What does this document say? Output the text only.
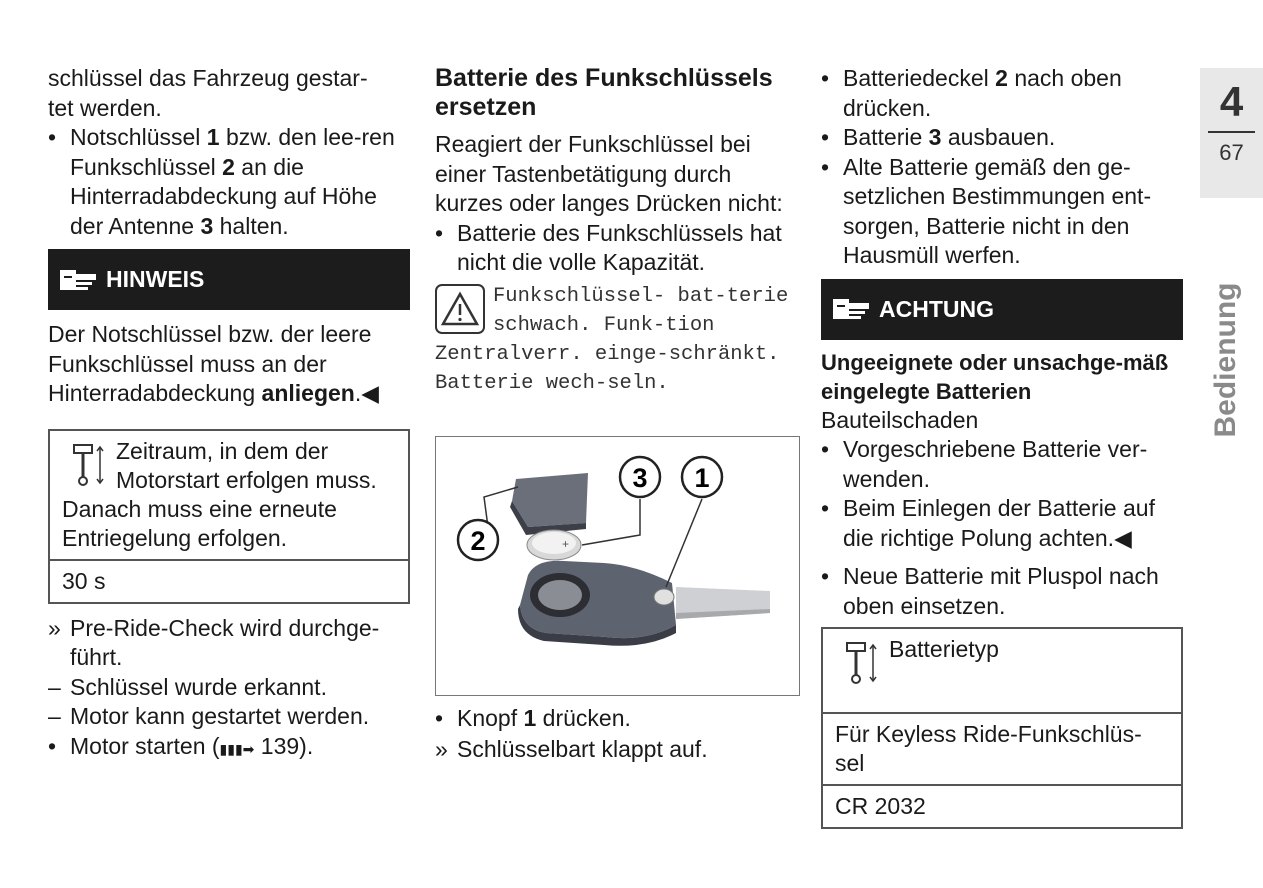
schlüssel das Fahrzeug gestar-
tet werden.
• Notschlüssel 1 bzw. den lee-ren Funkschlüssel 2 an die Hinterradabdeckung auf Höhe der Antenne 3 halten.
HINWEIS
Der Notschlüssel bzw. der leere Funkschlüssel muss an der Hinterradabdeckung anliegen.◀
Zeitraum, in dem der Motorstart erfolgen muss. Danach muss eine erneute Entriegelung erfolgen.
30 s
» Pre-Ride-Check wird durchge-führt.
– Schlüssel wurde erkannt.
– Motor kann gestartet werden.
• Motor starten (▮▮▮➡ 139).
Batterie des Funkschlüssels ersetzen
Reagiert der Funkschlüssel bei einer Tastenbetätigung durch kurzes oder langes Drücken nicht:
• Batterie des Funkschlüssels hat nicht die volle Kapazität.
Funkschlüssel- bat-terie schwach. Funk-tion Zentralverr. einge-schränkt. Batterie wech-seln.
+
2
3 1
• Knopf 1 drücken.
» Schlüsselbart klappt auf.
• Batteriedeckel 2 nach oben drücken.
• Batterie 3 ausbauen.
• Alte Batterie gemäß den ge-setzlichen Bestimmungen ent-sorgen, Batterie nicht in den Hausmüll werfen.
ACHTUNG
Ungeeignete oder unsachge-mäß eingelegte Batterien
Bauteilschaden
• Vorgeschriebene Batterie ver-wenden.
• Beim Einlegen der Batterie auf die richtige Polung achten.◀
• Neue Batterie mit Pluspol nach oben einsetzen.
Batterietyp
Für Keyless Ride-Funkschlüs-sel
CR 2032
4
67
Bedienung
